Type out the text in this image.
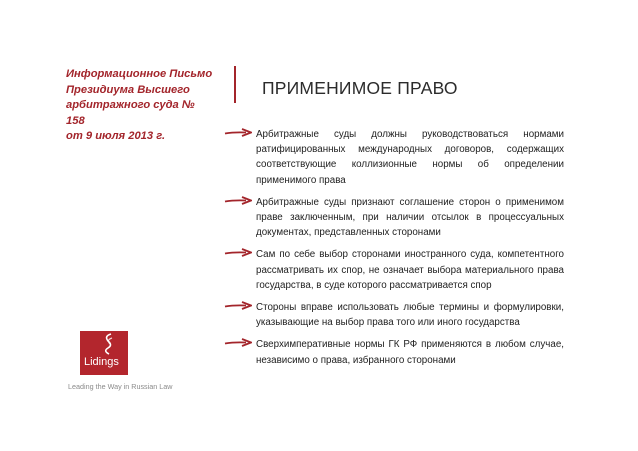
Информационное Письмо
Президиума Высшего
арбитражного суда № 158
от 9 июля 2013 г.
ПРИМЕНИМОЕ ПРАВО
Арбитражные суды должны руководствоваться нормами ратифицированных международных договоров, содержащих соответствующие коллизионные нормы об определении применимого права
Арбитражные суды признают соглашение сторон о применимом праве заключенным, при наличии отсылок в процессуальных документах, представленных сторонами
Сам по себе выбор сторонами иностранного суда, компетентного рассматривать их спор, не означает выбора материального права государства, в суде которого рассматривается спор
Стороны вправе использовать любые термины и формулировки, указывающие на выбор права того или иного государства
Сверхимперативные нормы ГК РФ применяются в любом случае, независимо о права, избранного сторонами
Lidings
Leading the Way in Russian Law
